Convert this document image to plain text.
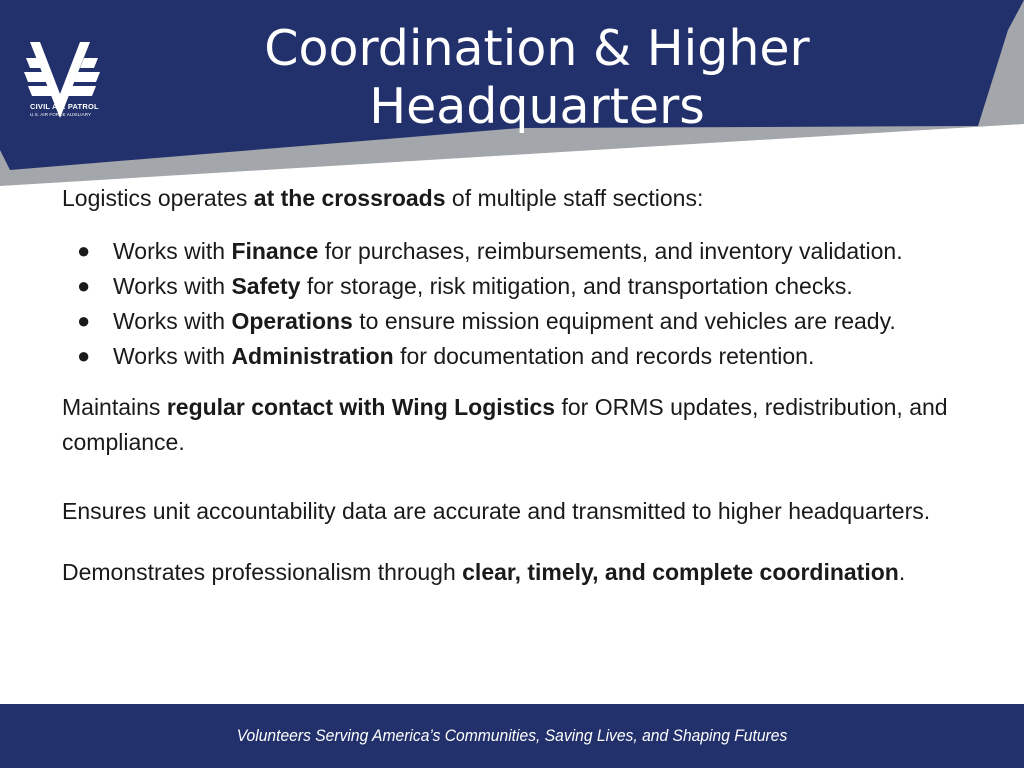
CIVIL AIR PATROL
U.S. AIR FORCE AUXILIARY
Coordination & Higher Headquarters

Logistics operates at the crossroads of multiple staff sections:

● Works with Finance for purchases, reimbursements, and inventory validation.
● Works with Safety for storage, risk mitigation, and transportation checks.
● Works with Operations to ensure mission equipment and vehicles are ready.
● Works with Administration for documentation and records retention.

Maintains regular contact with Wing Logistics for ORMS updates, redistribution, and compliance.

Ensures unit accountability data are accurate and transmitted to higher headquarters.

Demonstrates professionalism through clear, timely, and complete coordination.

Volunteers Serving America’s Communities, Saving Lives, and Shaping Futures
